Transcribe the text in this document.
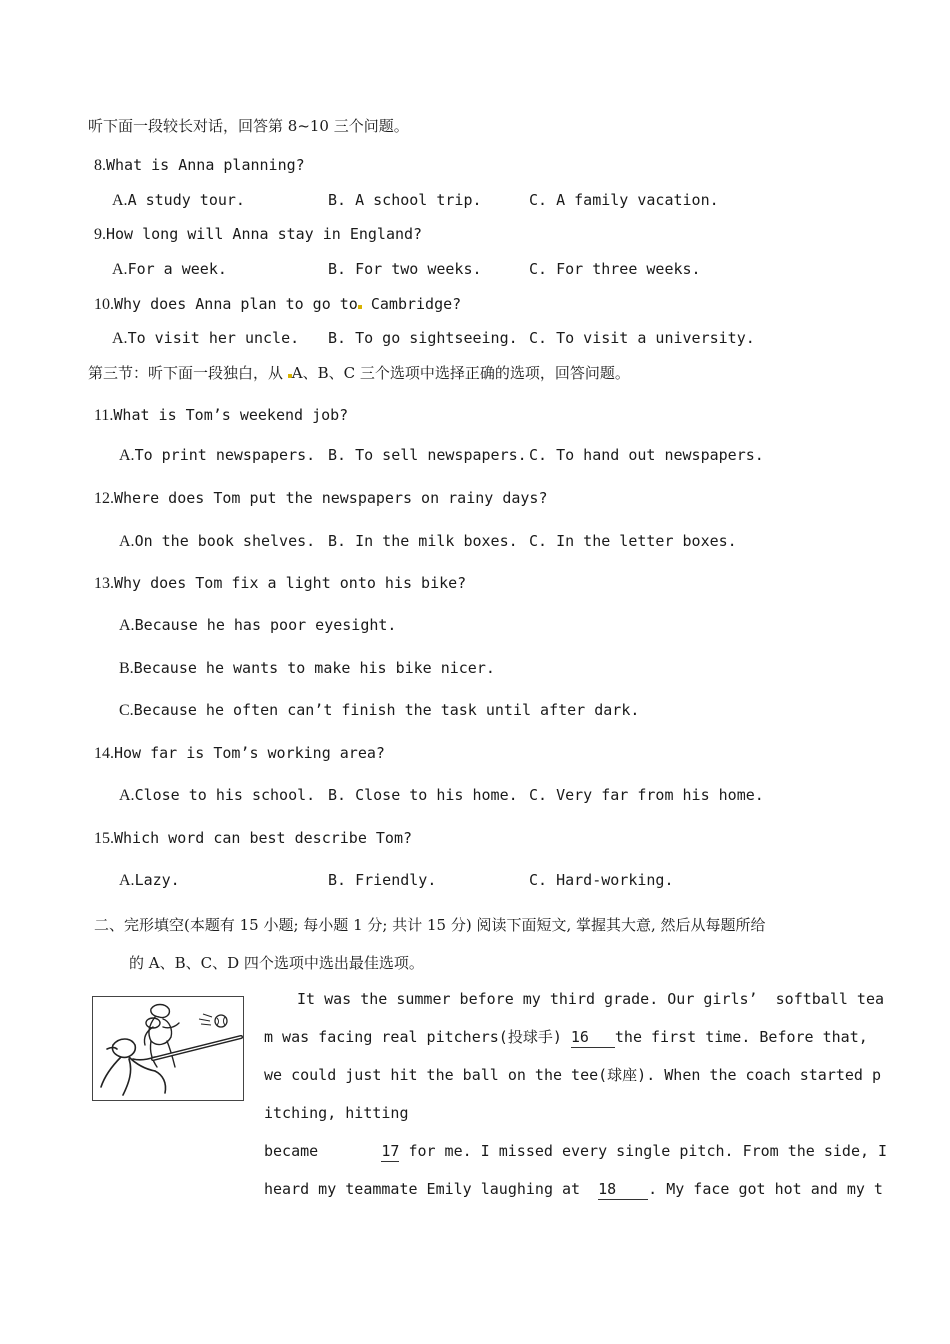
听下面一段较长对话，回答第 8~10 三个问题。
8.What is Anna planning?
A.A study tour.	B. A school trip.	C. A family vacation.
9.How long will Anna stay in England?
A.For a week.	B. For two weeks.	C. For three weeks.
10.Why does Anna plan to go to Cambridge?
A.To visit her uncle. B. To go sightseeing. C. To visit a university.
第三节：听下面一段独白，从 A、B、C 三个选项中选择正确的选项，回答问题。
11.What is Tom’s weekend job?
A.To print newspapers. B. To sell newspapers. C. To hand out newspapers.
12.Where does Tom put the newspapers on rainy days?
A.On the book shelves. B. In the milk boxes. C. In the letter boxes.
13.Why does Tom fix a light onto his bike?
A.Because he has poor eyesight.
B.Because he wants to make his bike nicer.
C.Because he often can’t finish the task until after dark.
14.How far is Tom’s working area?
A.Close to his school. B. Close to his home. C. Very far from his home.
15.Which word can best describe Tom?
A.Lazy.	B. Friendly.	C. Hard-working.
二、完形填空(本题有 15 小题; 每小题 1 分; 共计 15 分) 阅读下面短文, 掌握其大意, 然后从每题所给
的 A、B、C、D 四个选项中选出最佳选项。
It was the summer before my third grade. Our girls’  softball tea
m was facing real pitchers(投球手) 16 the first time. Before that,
we could just hit the ball on the tee(球座). When the coach started p
itching, hitting
became	17 for me. I missed every single pitch. From the side, I
heard my teammate Emily laughing at 18 . My face got hot and my t
